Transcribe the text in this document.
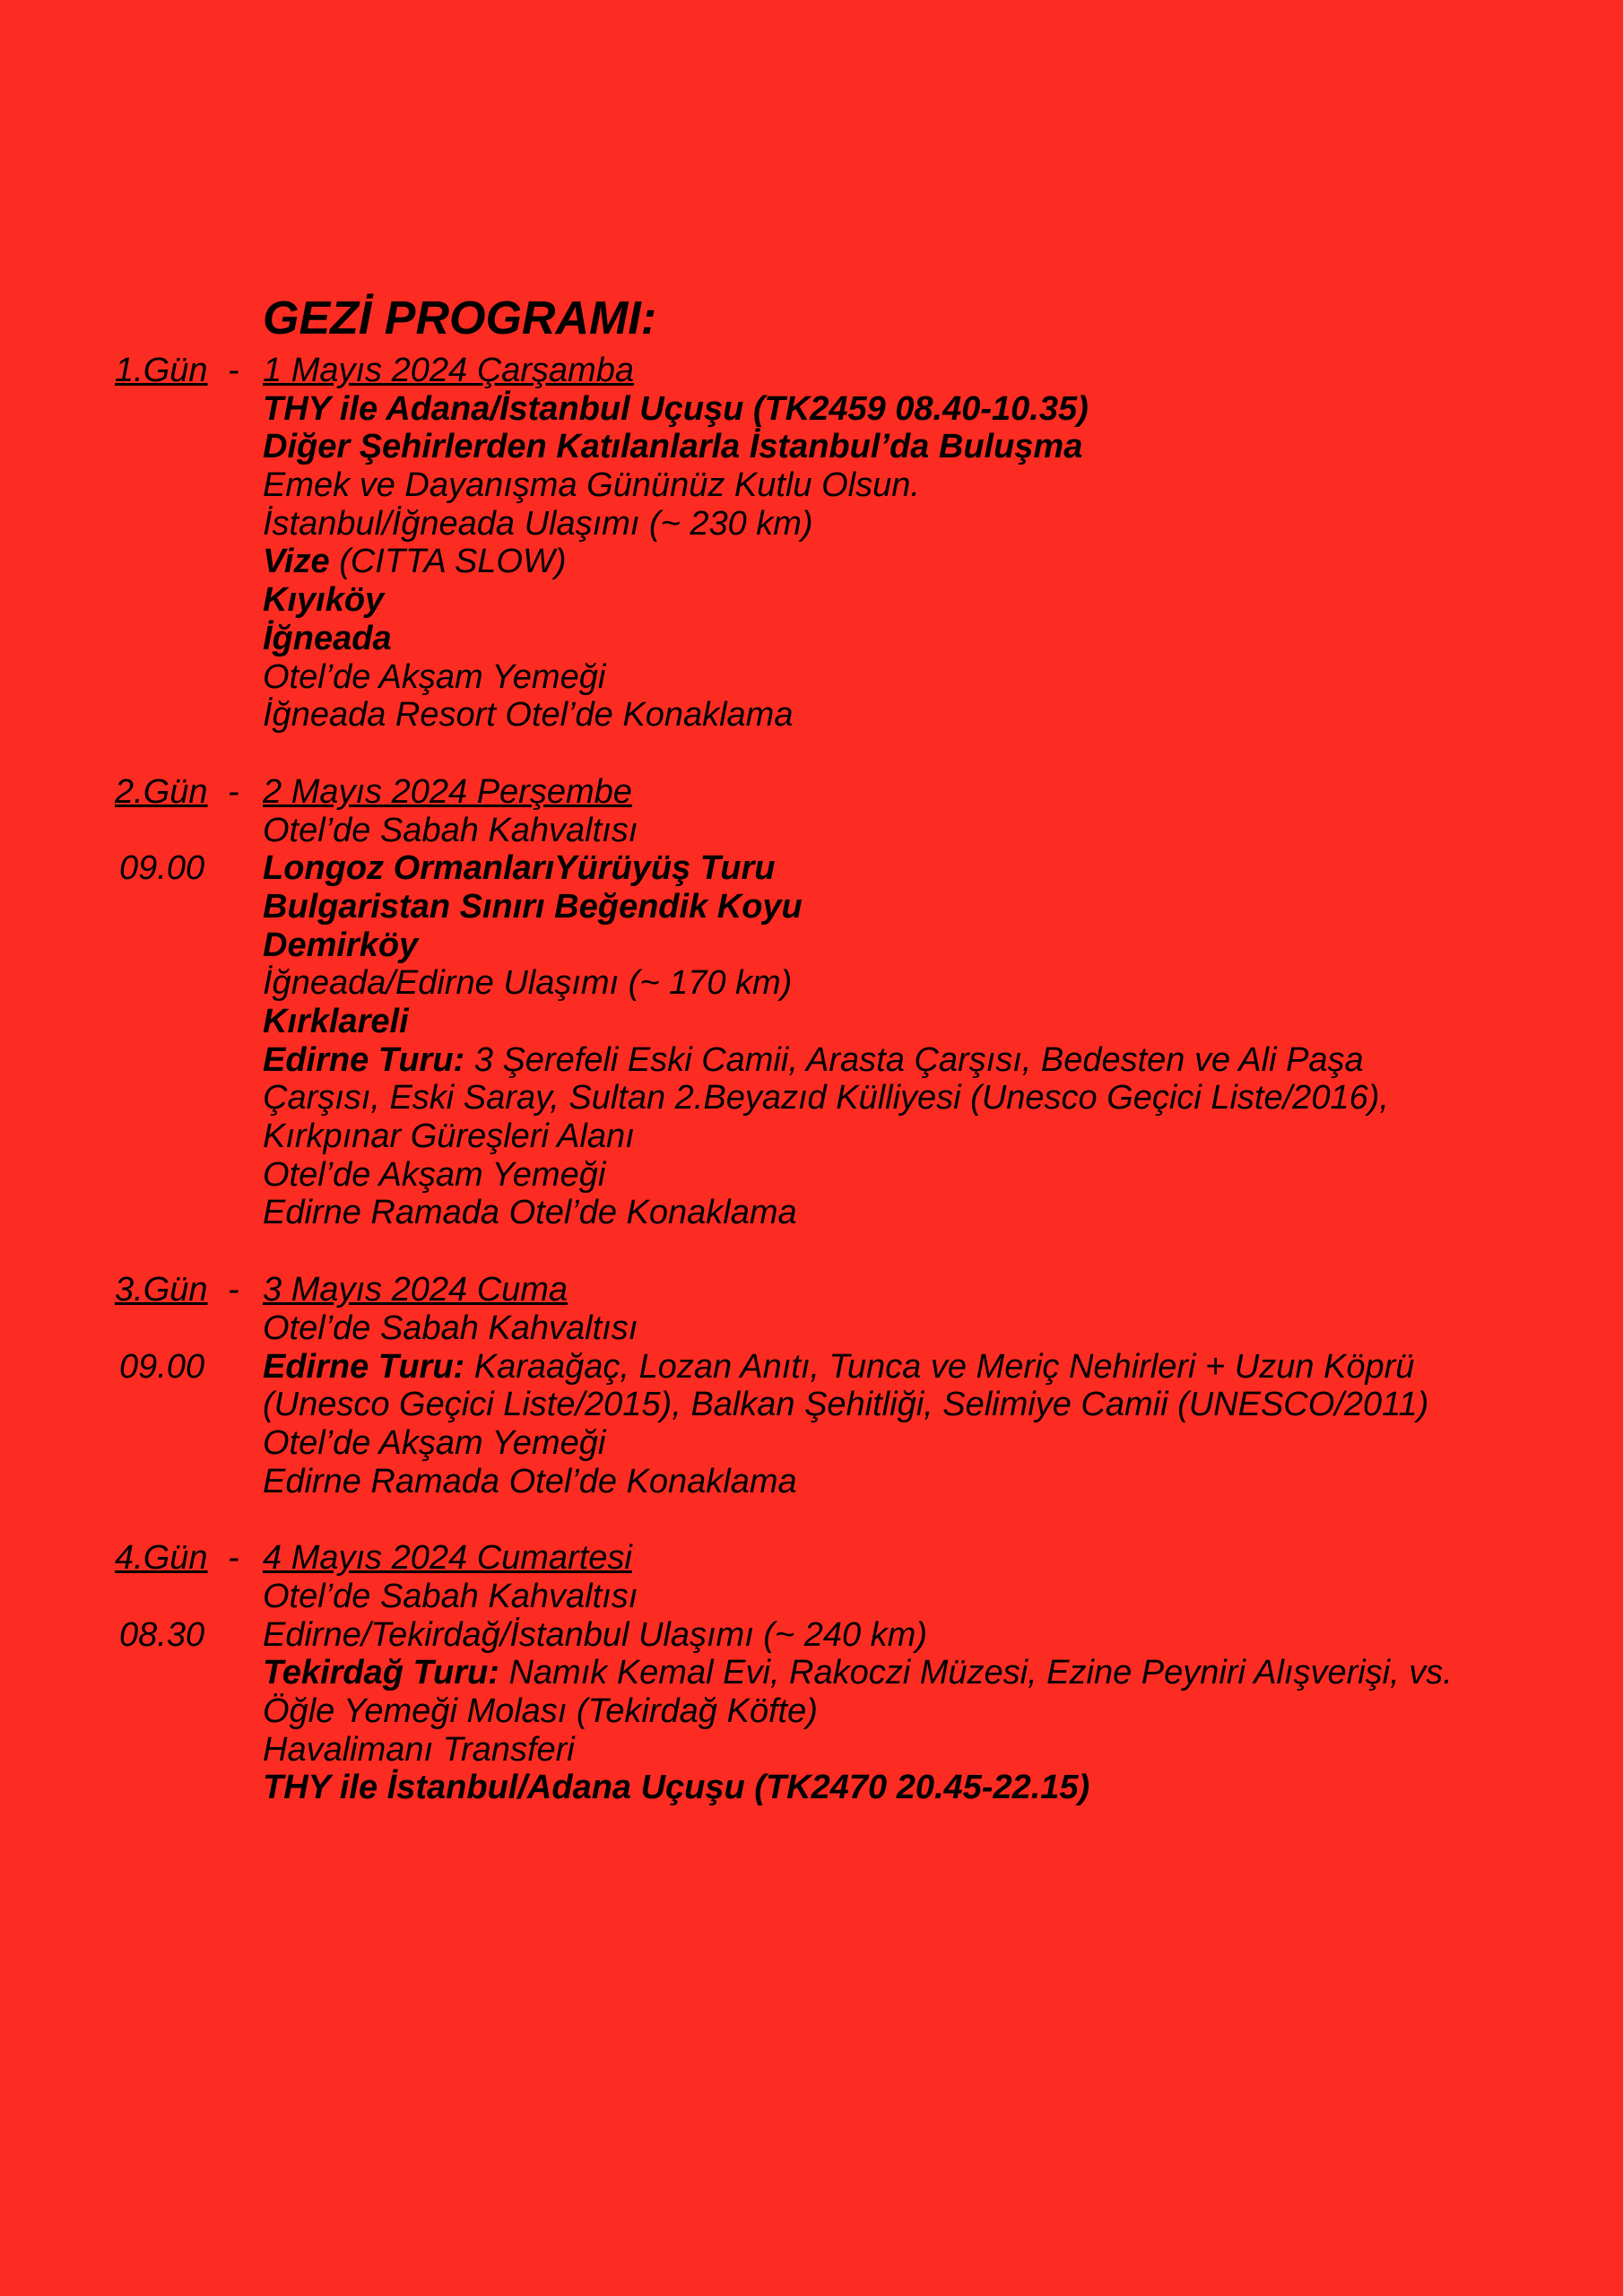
GEZİ PROGRAMI:
1.Gün - 1 Mayıs 2024 Çarşamba
THY ile Adana/İstanbul Uçuşu (TK2459 08.40-10.35)
Diğer Şehirlerden Katılanlarla İstanbul’da Buluşma
Emek ve Dayanışma Gününüz Kutlu Olsun.
İstanbul/İğneada Ulaşımı (~ 230 km)
Vize (CITTA SLOW)
Kıyıköy
İğneada
Otel’de Akşam Yemeği
İğneada Resort Otel’de Konaklama
2.Gün - 2 Mayıs 2024 Perşembe
Otel’de Sabah Kahvaltısı
09.00 Longoz OrmanlarıYürüyüş Turu
Bulgaristan Sınırı Beğendik Koyu
Demirköy
İğneada/Edirne Ulaşımı (~ 170 km)
Kırklareli
Edirne Turu: 3 Şerefeli Eski Camii, Arasta Çarşısı, Bedesten ve Ali Paşa
Çarşısı, Eski Saray, Sultan 2.Beyazıd Külliyesi (Unesco Geçici Liste/2016),
Kırkpınar Güreşleri Alanı
Otel’de Akşam Yemeği
Edirne Ramada Otel’de Konaklama
3.Gün - 3 Mayıs 2024 Cuma
Otel’de Sabah Kahvaltısı
09.00 Edirne Turu: Karaağaç, Lozan Anıtı, Tunca ve Meriç Nehirleri + Uzun Köprü
(Unesco Geçici Liste/2015), Balkan Şehitliği, Selimiye Camii (UNESCO/2011)
Otel’de Akşam Yemeği
Edirne Ramada Otel’de Konaklama
4.Gün - 4 Mayıs 2024 Cumartesi
Otel’de Sabah Kahvaltısı
08.30 Edirne/Tekirdağ/İstanbul Ulaşımı (~ 240 km)
Tekirdağ Turu: Namık Kemal Evi, Rakoczi Müzesi, Ezine Peyniri Alışverişi, vs.
Öğle Yemeği Molası (Tekirdağ Köfte)
Havalimanı Transferi
THY ile İstanbul/Adana Uçuşu (TK2470 20.45-22.15)
